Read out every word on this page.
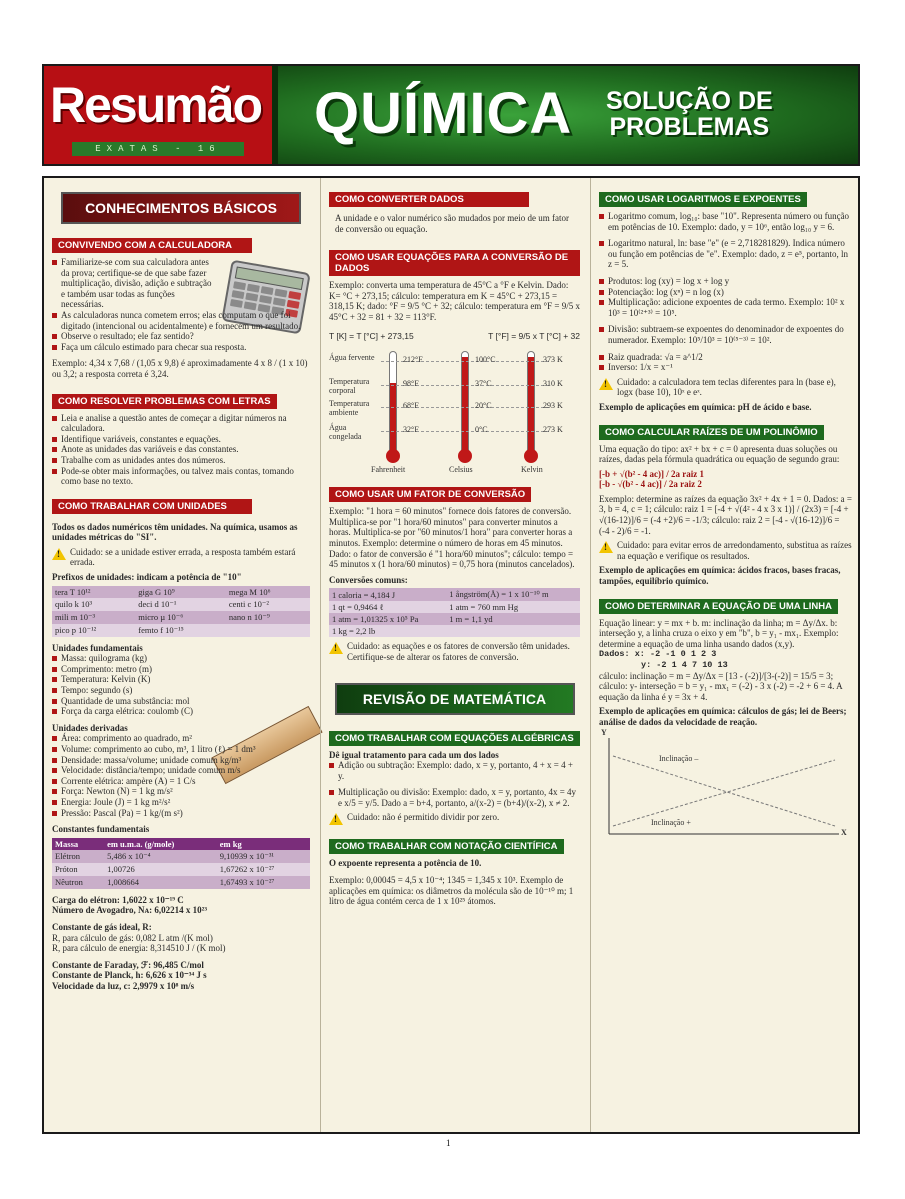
Resumão
EXATAS - 16
QUÍMICA SOLUÇÃO DE
PROBLEMAS
CONHECIMENTOS BÁSICOS
CONVIVENDO COM A CALCULADORA
Familiarize-se com sua calculadora antes da prova; certifique-se de que sabe fazer multiplicação, divisão, adição e subtração e também usar todas as funções necessárias.
As calculadoras nunca cometem erros; elas computam o que foi digitado (intencional ou acidentalmente) e fornecem um resultado.
Observe o resultado; ele faz sentido?
Faça um cálculo estimado para checar sua resposta.

Exemplo: 4,34 x 7,68 / (1,05 x 9,8) é aproximadamente 4 x 8 / (1 x 10) ou 3,2; a resposta correta é 3,24.

COMO RESOLVER PROBLEMAS COM LETRAS
Leia e analise a questão antes de começar a digitar números na calculadora.
Identifique variáveis, constantes e equações.
Anote as unidades das variáveis e das constantes.
Trabalhe com as unidades antes dos números.
Pode-se obter mais informações, ou talvez mais contas, tomando como base no texto.
COMO TRABALHAR COM UNIDADES

Todos os dados numéricos têm unidades. Na química, usamos as unidades métricas do "SI".

!

Cuidado: se a unidade estiver errada, a resposta também estará errada.

Prefixos de unidades: indicam a potência de "10"

tera T 10¹²	giga G 10⁹	mega M 10⁶
quilo k 10³	deci d 10⁻¹	centi c 10⁻²
mili m 10⁻³	micro µ 10⁻⁶	nano n 10⁻⁹
pico p 10⁻¹²	femto f 10⁻¹⁵	

Unidades fundamentais

Massa: quilograma (kg)
Comprimento: metro (m)
Temperatura: Kelvin (K)
Tempo: segundo (s)
Quantidade de uma substância: mol
Força da carga elétrica: coulomb (C)

Unidades derivadas

Área: comprimento ao quadrado, m²
Volume: comprimento ao cubo, m³, 1 litro (ℓ) = 1 dm³
Densidade: massa/volume; unidade comum kg/m³
Velocidade: distância/tempo; unidade comum m/s
Corrente elétrica: ampère (A) = 1 C/s
Força: Newton (N) = 1 kg m/s²
Energia: Joule (J) = 1 kg m²/s²
Pressão: Pascal (Pa) = 1 kg/(m s²)

Constantes fundamentais

Massa	em u.m.a. (g/mole)	em kg
Elétron	5,486 x 10⁻⁴	9,10939 x 10⁻³¹
Próton	1,00726	1,67262 x 10⁻²⁷
Nêutron	1,008664	1,67493 x 10⁻²⁷

Carga do elétron: 1,6022 x 10⁻¹⁹ C

Número de Avogadro, Nᴀ: 6,02214 x 10²³

Constante de gás ideal, R:

R, para cálculo de gás: 0,082 L atm /(K mol)

R, para cálculo de energia: 8,314510 J / (K mol)

Constante de Faraday, ℱ: 96,485 C/mol

Constante de Planck, h: 6,626 x 10⁻³⁴ J s

Velocidade da luz, c: 2,9979 x 10⁸ m/s

COMO CONVERTER DADOS

A unidade e o valor numérico são mudados por meio de um fator de conversão ou equação.

COMO USAR EQUAÇÕES PARA A CONVERSÃO DE DADOS

Exemplo: converta uma temperatura de 45°C a °F e Kelvin. Dado: K= °C + 273,15; cálculo: temperatura em K = 45°C + 273,15 = 318,15 K; dado: °F = 9/5 °C + 32; cálculo: temperatura em °F = 9/5 x 45°C + 32 = 81 + 32 = 113°F.

T [K] = T [°C] + 273,15	T [°F] = 9/5 x T [°C] + 32

Água fervente
Temperatura corporal
Temperatura ambiente
Água congelada
212°F
98°F
68°F
32°F
100°C
37°C
20°C
0°C
373 K
310 K
293 K
273 K
Fahrenheit	Celsius	Kelvin
COMO USAR UM FATOR DE CONVERSÃO

Exemplo: "1 hora = 60 minutos" fornece dois fatores de conversão. Multiplica-se por "1 hora/60 minutos" para converter minutos a horas. Multiplica-se por "60 minutos/1 hora" para converter horas a minutos. Exemplo: determine o número de horas em 45 minutos. Dado: o fator de conversão é "1 hora/60 minutos"; cálculo: tempo = 45 minutos x (1 hora/60 minutos) = 0,75 hora (minutos cancelados).

Conversões comuns:

1 caloria = 4,184 J	1 ångström(Å) = 1 x 10⁻¹⁰ m
1 qt = 0,9464 ℓ	1 atm = 760 mm Hg
1 atm = 1,01325 x 10⁵ Pa	1 m = 1,1 yd
1 kg = 2,2 lb	
!

Cuidado: as equações e os fatores de conversão têm unidades. Certifique-se de alterar os fatores de conversão.

REVISÃO DE MATEMÁTICA
COMO TRABALHAR COM EQUAÇÕES ALGÉBRICAS

Dê igual tratamento para cada um dos lados

Adição ou subtração: Exemplo: dado, x = y, portanto, 4 + x = 4 + y.
Multiplicação ou divisão: Exemplo: dado, x = y, portanto, 4x = 4y e x/5 = y/5. Dado a = b+4, portanto, a/(x-2) = (b+4)/(x-2), x ≠ 2.
!

Cuidado: não é permitido dividir por zero.

COMO TRABALHAR COM NOTAÇÃO CIENTÍFICA

O expoente representa a potência de 10.

Exemplo: 0,00045 = 4,5 x 10⁻⁴; 1345 = 1,345 x 10³. Exemplo de aplicações em química: os diâmetros da molécula são de 10⁻¹⁰ m; 1 litro de água contém cerca de 1 x 10²⁵ átomos.

COMO USAR LOGARITMOS E EXPOENTES
Logaritmo comum, log₁₀: base "10". Representa número ou função em potências de 10. Exemplo: dado, y = 10⁶, então log₁₀ y = 6.
Logaritmo natural, ln: base "e" (e = 2,718281829). Indica número ou função em potências de "e". Exemplo: dado, z = e⁵, portanto, ln z = 5.
Produtos: log (xy) = log x + log y
Potenciação: log (xⁿ) = n log (x)
Multiplicação: adicione expoentes de cada termo. Exemplo: 10² x 10³ = 10⁽²⁺³⁾ = 10⁵.
Divisão: subtraem-se expoentes do denominador de expoentes do numerador. Exemplo: 10⁵/10³ = 10⁽⁵⁻³⁾ = 10².
Raiz quadrada: √a = a^1/2
Inverso: 1/x = x⁻¹
!

Cuidado: a calculadora tem teclas diferentes para ln (base e), logx (base 10), 10ˣ e eˣ.

Exemplo de aplicações em química: pH de ácido e base.

COMO CALCULAR RAÍZES DE UM POLINÔMIO

Uma equação do tipo: ax² + bx + c = 0 apresenta duas soluções ou raízes, dadas pela fórmula quadrática ou equação de segundo grau:

[-b + √(b² - 4 ac)] / 2a raiz 1

[-b - √(b² - 4 ac)] / 2a raiz 2

Exemplo: determine as raízes da equação 3x² + 4x + 1 = 0. Dados: a = 3, b = 4, c = 1; cálculo: raiz 1 = [-4 + √(4² - 4 x 3 x 1)] / (2x3) = [-4 + √(16-12)]/6 = (-4 +2)/6 = -1/3; cálculo: raiz 2 = [-4 - √(16-12)]/6 = (-4 - 2)/6 = -1.

!

Cuidado: para evitar erros de arredondamento, substitua as raízes na equação e verifique os resultados.

Exemplo de aplicações em química: ácidos fracos, bases fracas, tampões, equilíbrio químico.

COMO DETERMINAR A EQUAÇÃO DE UMA LINHA

Equação linear: y = mx + b. m: inclinação da linha; m = Δy/Δx. b: interseção y, a linha cruza o eixo y em "b", b = y₁ - mx₁. Exemplo: determine a equação de uma linha usando dados (x,y).

Dados: x: -2 -1 0 1 2 3

y: -2 1 4 7 10 13

cálculo: inclinação = m = Δy/Δx = [13 - (-2)]/[3-(-2)] = 15/5 = 3; cálculo: y- interseção = b = y₁ - mx₁ = (-2) - 3 x (-2) = -2 + 6 = 4. A equação da linha é y = 3x + 4.

Exemplo de aplicações em química: cálculos de gás; lei de Beers; análise de dados da velocidade de reação.

Y
X
Inclinação –
Inclinação +
1
